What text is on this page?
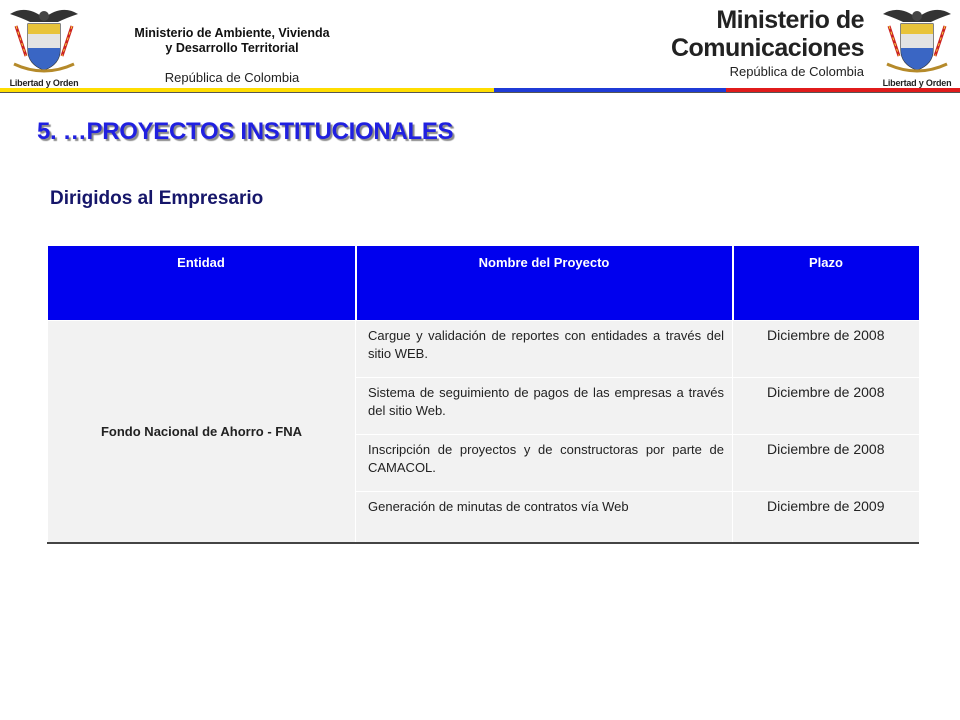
Libertad y Orden
Ministerio de Ambiente, Vivienda
y Desarrollo Territorial
República de Colombia
Ministerio de
Comunicaciones
República de Colombia
Libertad y Orden
5. …PROYECTOS INSTITUCIONALES
Dirigidos al Empresario
Entidad	Nombre del Proyecto	Plazo
Fondo Nacional de Ahorro - FNA	Cargue y validación de reportes con entidades a través del sitio WEB.	Diciembre de 2008
	Sistema de seguimiento de pagos de las empresas a través del sitio Web.	Diciembre de 2008
	Inscripción de proyectos y de constructoras por parte de CAMACOL.	Diciembre de 2008
	Generación de minutas de contratos vía Web	Diciembre de 2009
